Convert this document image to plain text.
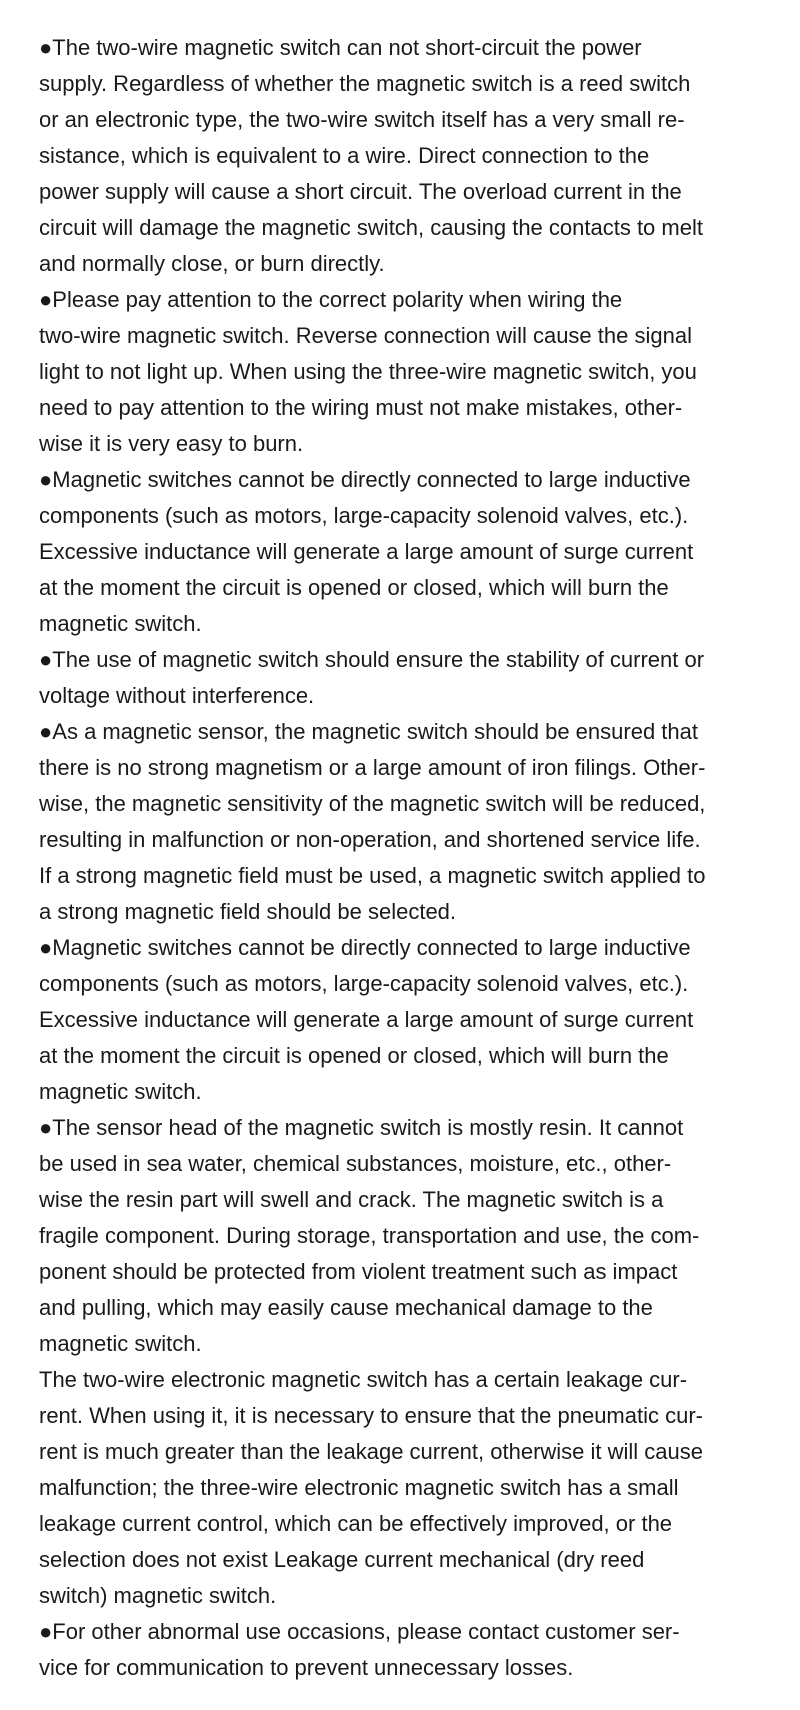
●The two-wire magnetic switch can not short-circuit the power
supply. Regardless of whether the magnetic switch is a reed switch
or an electronic type, the two-wire switch itself has a very small re-
sistance, which is equivalent to a wire. Direct connection to the
power supply will cause a short circuit. The overload current in the
circuit will damage the magnetic switch, causing the contacts to melt
and normally close, or burn directly.
●Please pay attention to the correct polarity when wiring the
two-wire magnetic switch. Reverse connection will cause the signal
light to not light up. When using the three-wire magnetic switch, you
need to pay attention to the wiring must not make mistakes, other-
wise it is very easy to burn.
●Magnetic switches cannot be directly connected to large inductive
components (such as motors, large-capacity solenoid valves, etc.).
Excessive inductance will generate a large amount of surge current
at the moment the circuit is opened or closed, which will burn the
magnetic switch.
●The use of magnetic switch should ensure the stability of current or
voltage without interference.
●As a magnetic sensor, the magnetic switch should be ensured that
there is no strong magnetism or a large amount of iron filings. Other-
wise, the magnetic sensitivity of the magnetic switch will be reduced,
resulting in malfunction or non-operation, and shortened service life.
If a strong magnetic field must be used, a magnetic switch applied to
a strong magnetic field should be selected.
●Magnetic switches cannot be directly connected to large inductive
components (such as motors, large-capacity solenoid valves, etc.).
Excessive inductance will generate a large amount of surge current
at the moment the circuit is opened or closed, which will burn the
magnetic switch.
●The sensor head of the magnetic switch is mostly resin. It cannot
be used in sea water, chemical substances, moisture, etc., other-
wise the resin part will swell and crack. The magnetic switch is a
fragile component. During storage, transportation and use, the com-
ponent should be protected from violent treatment such as impact
and pulling, which may easily cause mechanical damage to the
magnetic switch.
The two-wire electronic magnetic switch has a certain leakage cur-
rent. When using it, it is necessary to ensure that the pneumatic cur-
rent is much greater than the leakage current, otherwise it will cause
malfunction; the three-wire electronic magnetic switch has a small
leakage current control, which can be effectively improved, or the
selection does not exist Leakage current mechanical (dry reed
switch) magnetic switch.
●For other abnormal use occasions, please contact customer ser-
vice for communication to prevent unnecessary losses.
